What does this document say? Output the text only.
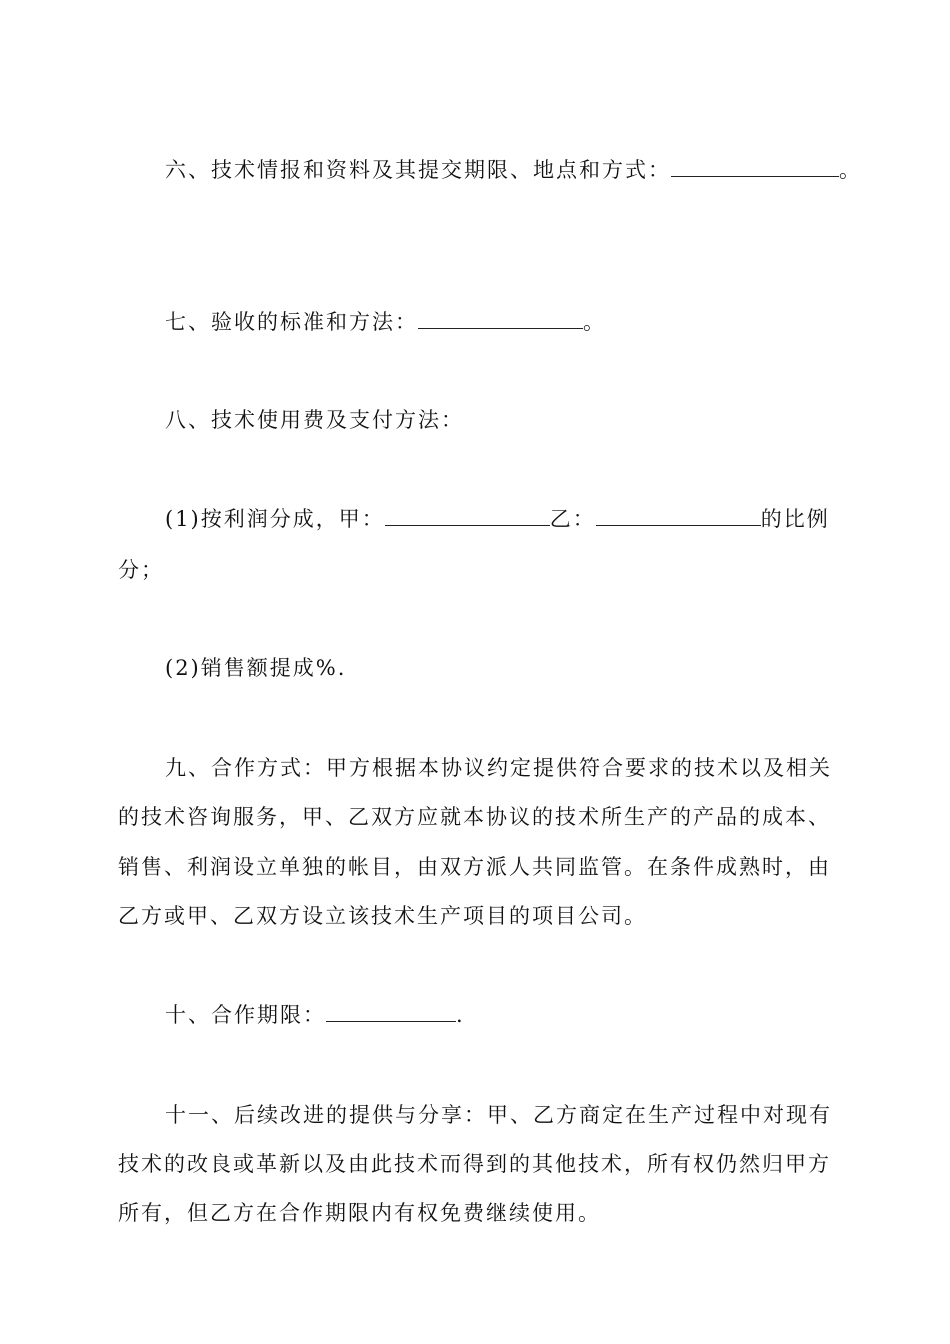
六、技术情报和资料及其提交期限、地点和方式：	。
七、验收的标准和方法：	。
八、技术使用费及支付方法：
(1)按利润分成，甲：	乙：	的比例
分；
(2)销售额提成%.
九、合作方式：甲方根据本协议约定提供符合要求的技术以及相关
的技术咨询服务，甲、乙双方应就本协议的技术所生产的产品的成本、
销售、利润设立单独的帐目，由双方派人共同监管。在条件成熟时，由
乙方或甲、乙双方设立该技术生产项目的项目公司。
十、合作期限：	.
十一、后续改进的提供与分享：甲、乙方商定在生产过程中对现有
技术的改良或革新以及由此技术而得到的其他技术，所有权仍然归甲方
所有，但乙方在合作期限内有权免费继续使用。
